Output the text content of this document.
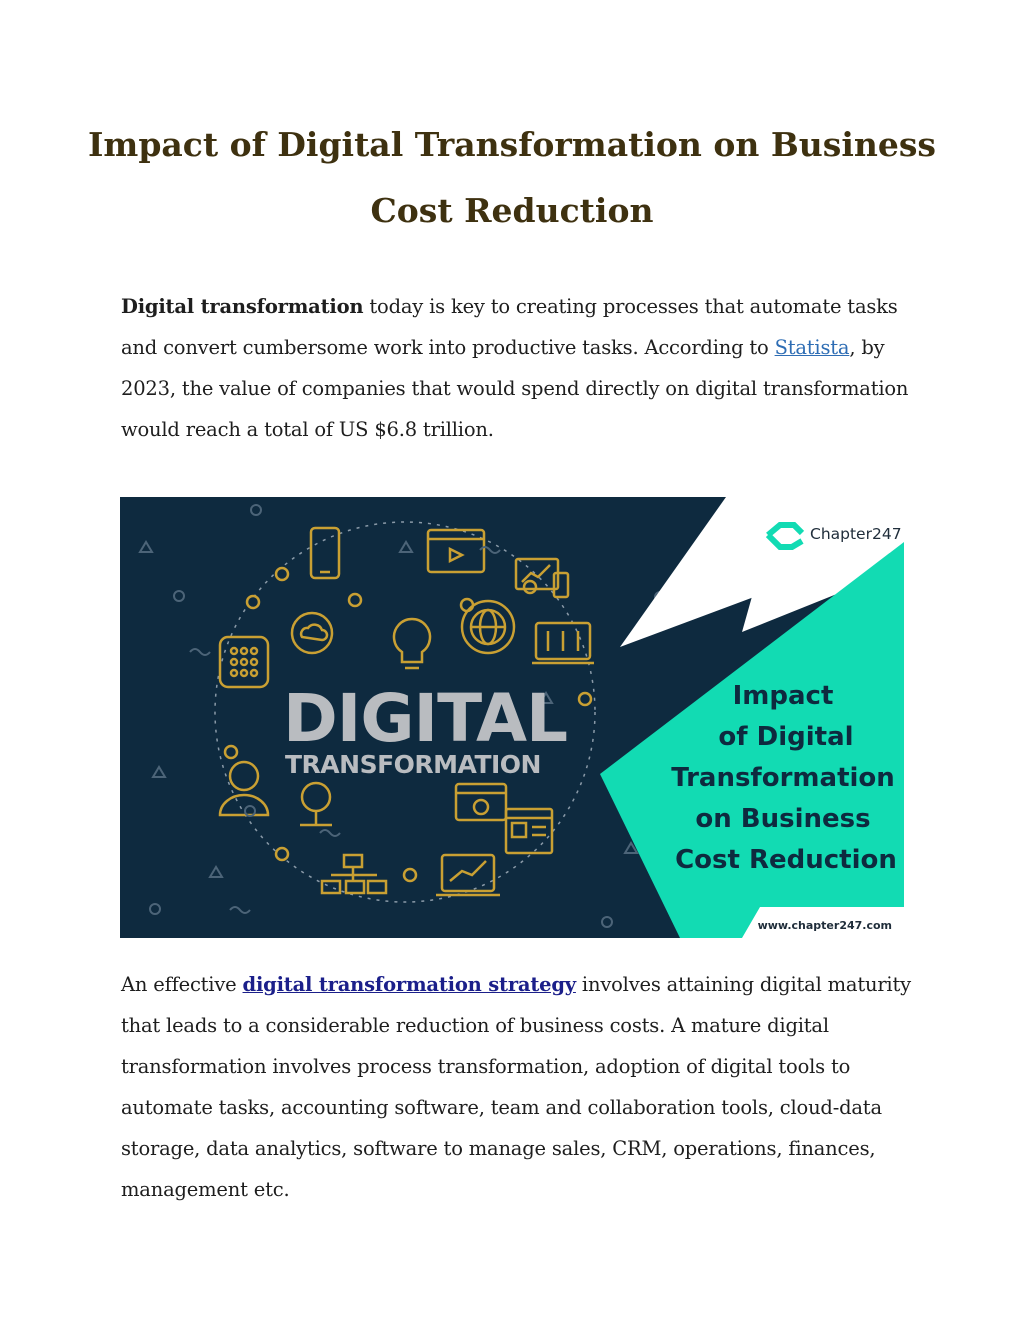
Impact of Digital Transformation on Business
Cost Reduction

Digital transformation today is key to creating processes that automate tasks and convert cumbersome work into productive tasks. According to Statista, by 2023, the value of companies that would spend directly on digital transformation would reach a total of US $6.8 trillion.

DIGITAL
TRANSFORMATION
Chapter247
Impact
of Digital
Transformation
on Business
Cost Reduction
www.chapter247.com

An effective digital transformation strategy involves attaining digital maturity that leads to a considerable reduction of business costs. A mature digital transformation involves process transformation, adoption of digital tools to automate tasks, accounting software, team and collaboration tools, cloud-data storage, data analytics, software to manage sales, CRM, operations, finances, management etc.
